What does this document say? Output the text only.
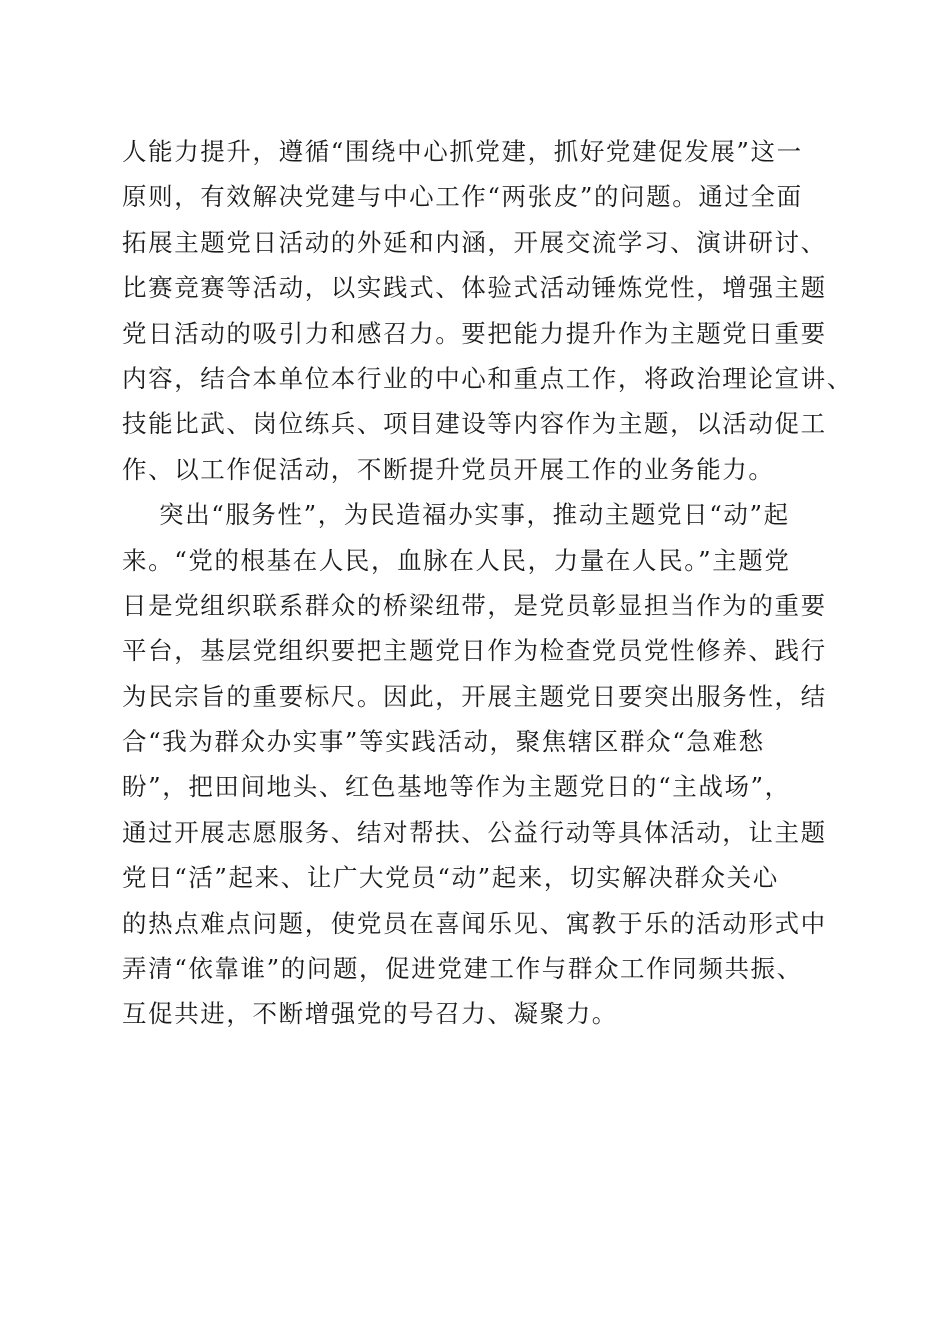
人能力提升，遵循“围绕中心抓党建，抓好党建促发展”这一
原则，有效解决党建与中心工作“两张皮”的问题。通过全面
拓展主题党日活动的外延和内涵，开展交流学习、演讲研讨、
比赛竞赛等活动，以实践式、体验式活动锤炼党性，增强主题
党日活动的吸引力和感召力。要把能力提升作为主题党日重要
内容，结合本单位本行业的中心和重点工作，将政治理论宣讲、
技能比武、岗位练兵、项目建设等内容作为主题，以活动促工
作、以工作促活动，不断提升党员开展工作的业务能力。
突出“服务性”，为民造福办实事，推动主题党日“动”起
来。“党的根基在人民，血脉在人民，力量在人民。”主题党
日是党组织联系群众的桥梁纽带，是党员彰显担当作为的重要
平台，基层党组织要把主题党日作为检查党员党性修养、践行
为民宗旨的重要标尺。因此，开展主题党日要突出服务性，结
合“我为群众办实事”等实践活动，聚焦辖区群众“急难愁
盼”，把田间地头、红色基地等作为主题党日的“主战场”，
通过开展志愿服务、结对帮扶、公益行动等具体活动，让主题
党日“活”起来、让广大党员“动”起来，切实解决群众关心
的热点难点问题，使党员在喜闻乐见、寓教于乐的活动形式中
弄清“依靠谁”的问题，促进党建工作与群众工作同频共振、
互促共进，不断增强党的号召力、凝聚力。
